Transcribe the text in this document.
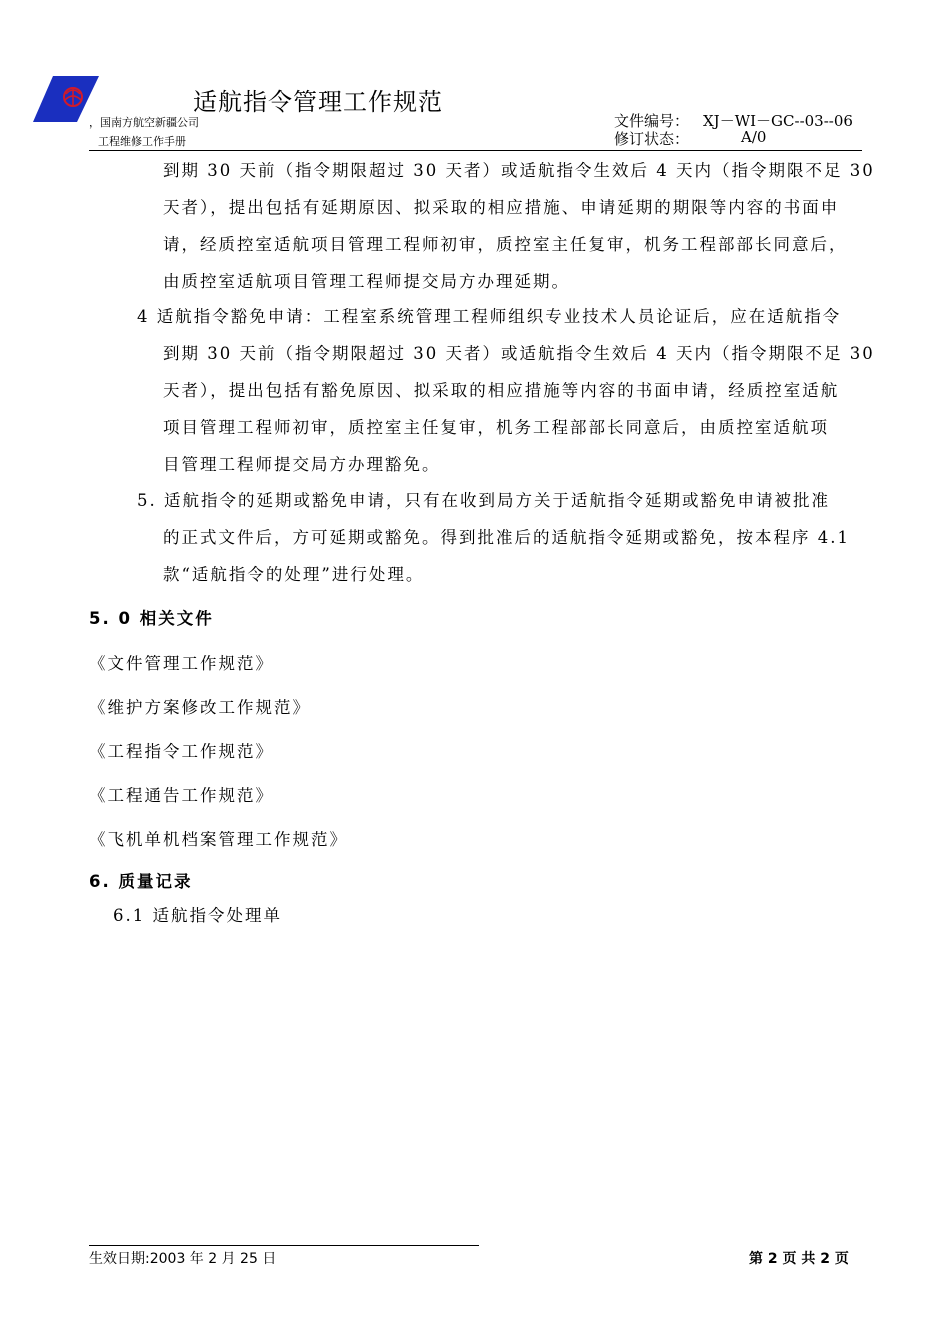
适航指令管理工作规范
，国南方航空新疆公司
工程维修工作手册
文件编号： XJ－WI－GC--03--06
修订状态：	A/0
到期 30 天前（指令期限超过 30 天者）或适航指令生效后 4 天内（指令期限不足 30
天者），提出包括有延期原因、拟采取的相应措施、申请延期的期限等内容的书面申
请，经质控室适航项目管理工程师初审，质控室主任复审，机务工程部部长同意后，
由质控室适航项目管理工程师提交局方办理延期。
4 适航指令豁免申请：工程室系统管理工程师组织专业技术人员论证后，应在适航指令
到期 30 天前（指令期限超过 30 天者）或适航指令生效后 4 天内（指令期限不足 30
天者），提出包括有豁免原因、拟采取的相应措施等内容的书面申请，经质控室适航
项目管理工程师初审，质控室主任复审，机务工程部部长同意后，由质控室适航项
目管理工程师提交局方办理豁免。
5. 适航指令的延期或豁免申请，只有在收到局方关于适航指令延期或豁免申请被批准
的正式文件后，方可延期或豁免。得到批准后的适航指令延期或豁免，按本程序 4.1
款“适航指令的处理”进行处理。
5. 0 相关文件
《文件管理工作规范》
《维护方案修改工作规范》
《工程指令工作规范》
《工程通告工作规范》
《飞机单机档案管理工作规范》
6. 质量记录
6.1 适航指令处理单
生效日期:2003 年 2 月 25 日	第 2 页 共 2 页
